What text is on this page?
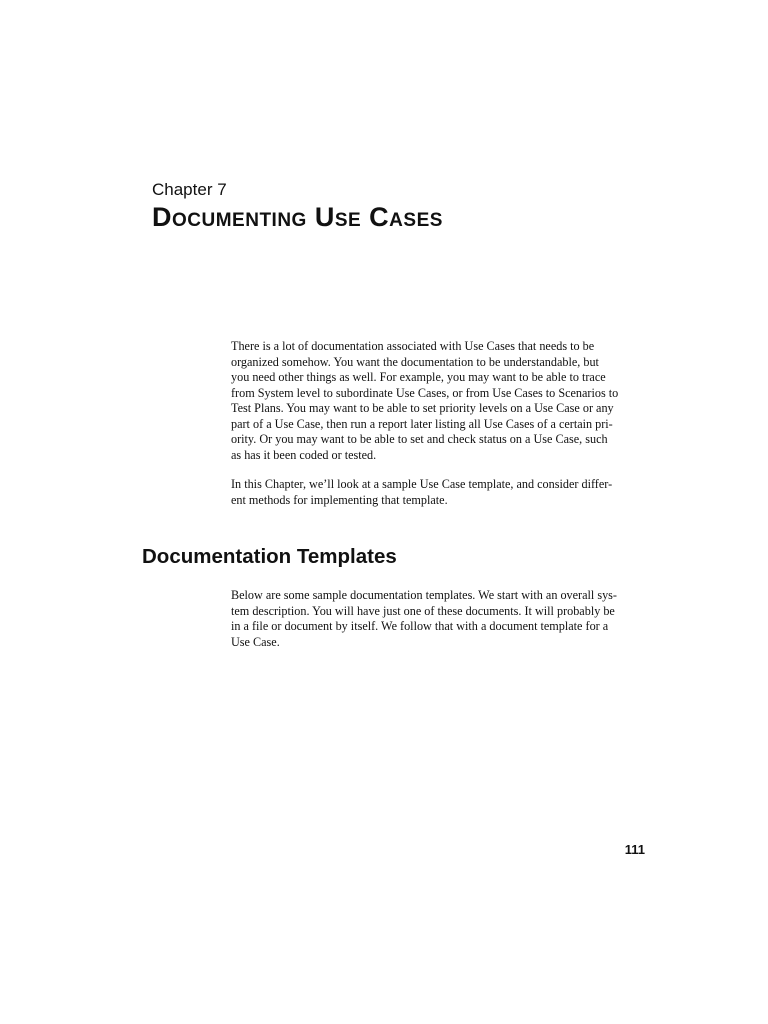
Chapter 7
Documenting Use Cases

There is a lot of documentation associated with Use Cases that needs to be
organized somehow. You want the documentation to be understandable, but
you need other things as well. For example, you may want to be able to trace
from System level to subordinate Use Cases, or from Use Cases to Scenarios to
Test Plans. You may want to be able to set priority levels on a Use Case or any
part of a Use Case, then run a report later listing all Use Cases of a certain pri-
ority. Or you may want to be able to set and check status on a Use Case, such
as has it been coded or tested.

In this Chapter, we’ll look at a sample Use Case template, and consider differ-
ent methods for implementing that template.

Documentation Templates

Below are some sample documentation templates. We start with an overall sys-
tem description. You will have just one of these documents. It will probably be
in a file or document by itself. We follow that with a document template for a
Use Case.

111
